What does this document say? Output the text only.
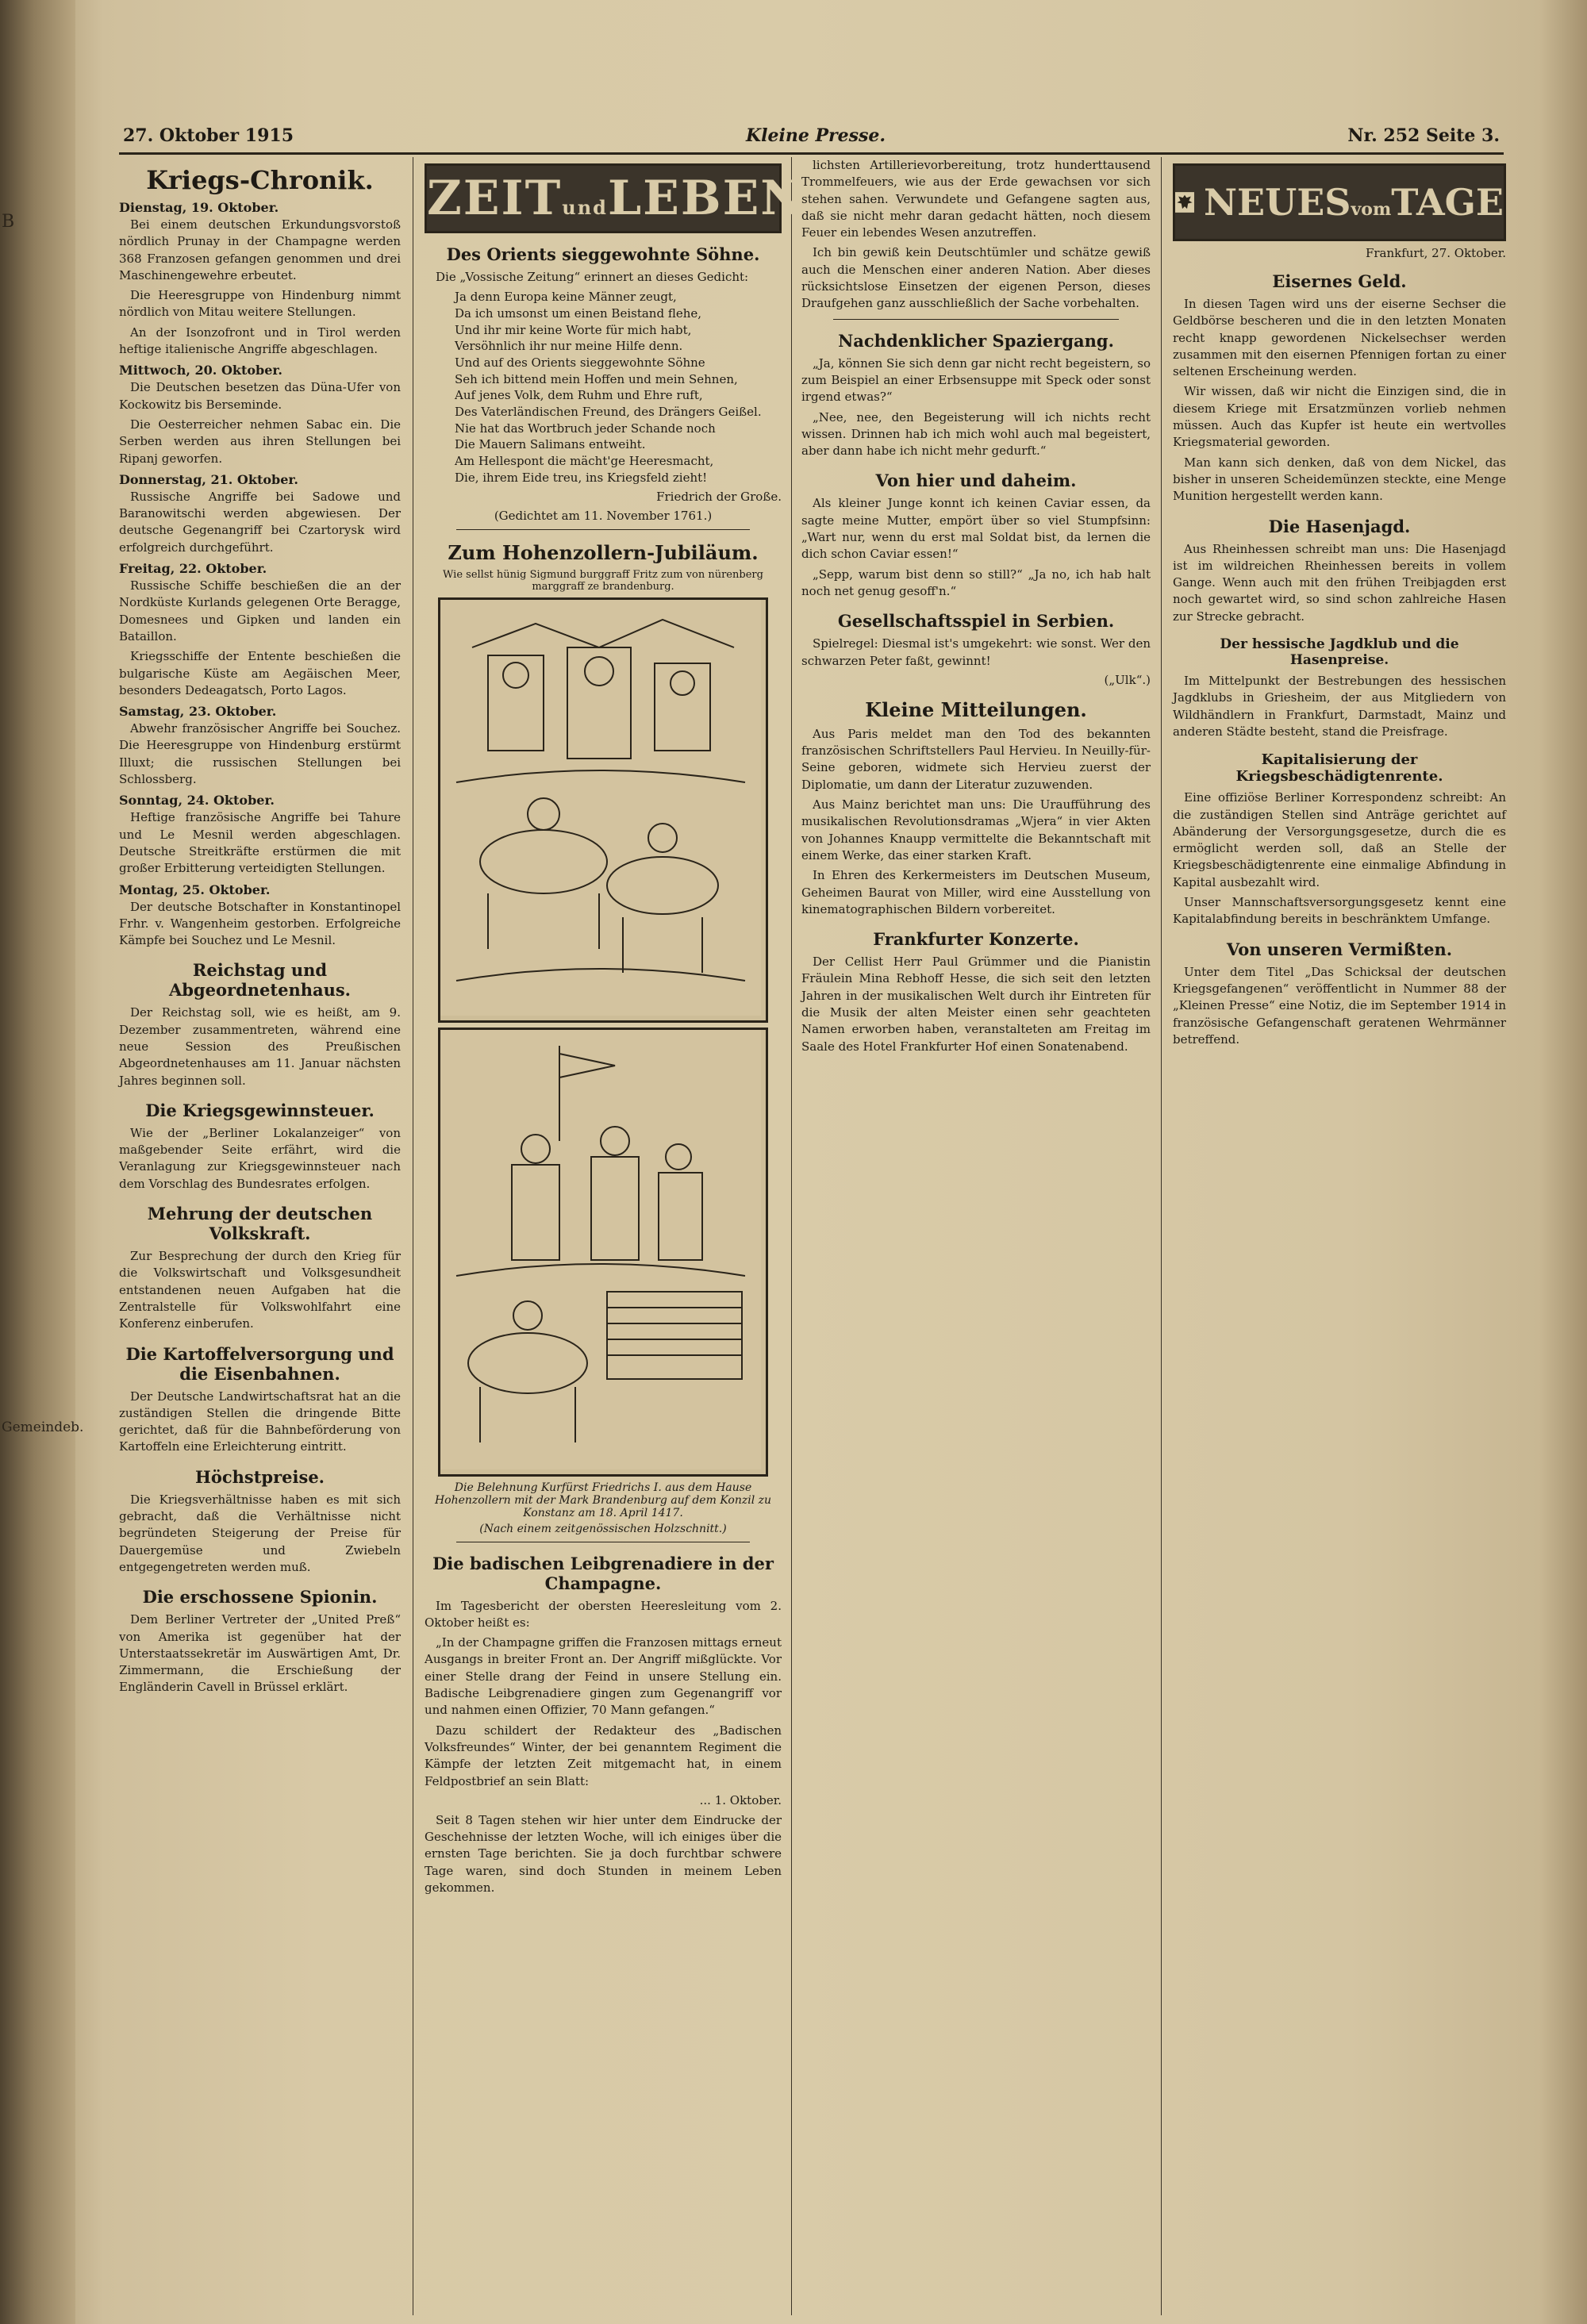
B
Gemeindeb.
27. Oktober 1915	Kleine Presse.	Nr. 252 Seite 3.
Kriegs-Chronik.
Dienstag, 19. Oktober.

Bei einem deutschen Erkundungsvorstoß nördlich Prunay in der Champagne werden 368 Franzosen gefangen genommen und drei Maschinengewehre erbeutet.

Die Heeresgruppe von Hindenburg nimmt nördlich von Mitau weitere Stellungen.

An der Isonzofront und in Tirol werden heftige italienische Angriffe abgeschlagen.

Mittwoch, 20. Oktober.

Die Deutschen besetzen das Düna-Ufer von Kockowitz bis Berseminde.

Die Oesterreicher nehmen Sabac ein. Die Serben werden aus ihren Stellungen bei Ripanj geworfen.

Donnerstag, 21. Oktober.

Russische Angriffe bei Sadowe und Baranowitschi werden abgewiesen. Der deutsche Gegenangriff bei Czartorysk wird erfolgreich durchgeführt.

Freitag, 22. Oktober.

Russische Schiffe beschießen die an der Nordküste Kurlands gelegenen Orte Beragge, Domesnees und Gipken und landen ein Bataillon.

Kriegsschiffe der Entente beschießen die bulgarische Küste am Aegäischen Meer, besonders Dedeagatsch, Porto Lagos.

Samstag, 23. Oktober.

Abwehr französischer Angriffe bei Souchez. Die Heeresgruppe von Hindenburg erstürmt Illuxt; die russischen Stellungen bei Schlossberg.

Sonntag, 24. Oktober.

Heftige französische Angriffe bei Tahure und Le Mesnil werden abgeschlagen. Deutsche Streitkräfte erstürmen die mit großer Erbitterung verteidigten Stellungen.

Montag, 25. Oktober.

Der deutsche Botschafter in Konstantinopel Frhr. v. Wangenheim gestorben. Erfolgreiche Kämpfe bei Souchez und Le Mesnil.

Reichstag und Abgeordnetenhaus.

Der Reichstag soll, wie es heißt, am 9. Dezember zusammentreten, während eine neue Session des Preußischen Abgeordnetenhauses am 11. Januar nächsten Jahres beginnen soll.

Die Kriegsgewinnsteuer.

Wie der „Berliner Lokalanzeiger“ von maßgebender Seite erfährt, wird die Veranlagung zur Kriegsgewinnsteuer nach dem Vorschlag des Bundesrates erfolgen.

Mehrung der deutschen Volkskraft.

Zur Besprechung der durch den Krieg für die Volkswirtschaft und Volksgesundheit entstandenen neuen Aufgaben hat die Zentralstelle für Volkswohlfahrt eine Konferenz einberufen.

Die Kartoffelversorgung und die Eisenbahnen.

Der Deutsche Landwirtschaftsrat hat an die zuständigen Stellen die dringende Bitte gerichtet, daß für die Bahnbeförderung von Kartoffeln eine Erleichterung eintritt.

Höchstpreise.

Die Kriegsverhältnisse haben es mit sich gebracht, daß die Verhältnisse nicht begründeten Steigerung der Preise für Dauergemüse und Zwiebeln entgegengetreten werden muß.

Die erschossene Spionin.

Dem Berliner Vertreter der „United Preß“ von Amerika ist gegenüber hat der Unterstaatssekretär im Auswärtigen Amt, Dr. Zimmermann, die Erschießung der Engländerin Cavell in Brüssel erklärt.

ZEITundLEBEN
Des Orients sieggewohnte Söhne.

Die „Vossische Zeitung“ erinnert an dieses Gedicht:

Ja denn Europa keine Männer zeugt,
Da ich umsonst um einen Beistand flehe,
Und ihr mir keine Worte für mich habt,
Versöhnlich ihr nur meine Hilfe denn.
Und auf des Orients sieggewohnte Söhne
Seh ich bittend mein Hoffen und mein Sehnen,
Auf jenes Volk, dem Ruhm und Ehre ruft,
Des Vaterländischen Freund, des Drängers Geißel.
Nie hat das Wortbruch jeder Schande noch
Die Mauern Salimans entweiht.
Am Hellespont die mächt'ge Heeresmacht,
Die, ihrem Eide treu, ins Kriegsfeld zieht!
Friedrich der Große.
(Gedichtet am 11. November 1761.)
Zum Hohenzollern-Jubiläum.
Wie sellst hünig Sigmund burggraff Fritz zum von nürenberg marggraff ze brandenburg.
Die Belehnung Kurfürst Friedrichs I. aus dem Hause Hohenzollern mit der Mark Brandenburg auf dem Konzil zu Konstanz am 18. April 1417.
(Nach einem zeitgenössischen Holzschnitt.)
Die badischen Leibgrenadiere in der Champagne.

Im Tagesbericht der obersten Heeresleitung vom 2. Oktober heißt es:

„In der Champagne griffen die Franzosen mittags erneut Ausgangs in breiter Front an. Der Angriff mißglückte. Vor einer Stelle drang der Feind in unsere Stellung ein. Badische Leibgrenadiere gingen zum Gegenangriff vor und nahmen einen Offizier, 70 Mann gefangen.“

Dazu schildert der Redakteur des „Badischen Volksfreundes“ Winter, der bei genanntem Regiment die Kämpfe der letzten Zeit mitgemacht hat, in einem Feldpostbrief an sein Blatt:

... 1. Oktober.

Seit 8 Tagen stehen wir hier unter dem Eindrucke der Geschehnisse der letzten Woche, will ich einiges über die ernsten Tage berichten. Sie ja doch furchtbar schwere Tage waren, sind doch Stunden in meinem Leben gekommen.

lichsten Artillerievorbereitung, trotz hunderttausend Trommelfeuers, wie aus der Erde gewachsen vor sich stehen sahen. Verwundete und Gefangene sagten aus, daß sie nicht mehr daran gedacht hätten, noch diesem Feuer ein lebendes Wesen anzutreffen.

Ich bin gewiß kein Deutschtümler und schätze gewiß auch die Menschen einer anderen Nation. Aber dieses rücksichtslose Einsetzen der eigenen Person, dieses Draufgehen ganz ausschließlich der Sache vorbehalten.

Nachdenklicher Spaziergang.

„Ja, können Sie sich denn gar nicht recht begeistern, so zum Beispiel an einer Erbsensuppe mit Speck oder sonst irgend etwas?“

„Nee, nee, den Begeisterung will ich nichts recht wissen. Drinnen hab ich mich wohl auch mal begeistert, aber dann habe ich nicht mehr gedurft.“

Von hier und daheim.

Als kleiner Junge konnt ich keinen Caviar essen, da sagte meine Mutter, empört über so viel Stumpfsinn: „Wart nur, wenn du erst mal Soldat bist, da lernen die dich schon Caviar essen!“

„Sepp, warum bist denn so still?“ „Ja no, ich hab halt noch net genug gesoff'n.“

Gesellschaftsspiel in Serbien.

Spielregel: Diesmal ist's umgekehrt: wie sonst. Wer den schwarzen Peter faßt, gewinnt!

(„Ulk“.)
Kleine Mitteilungen.

Aus Paris meldet man den Tod des bekannten französischen Schriftstellers Paul Hervieu. In Neuilly-für-Seine geboren, widmete sich Hervieu zuerst der Diplomatie, um dann der Literatur zuzuwenden.

Aus Mainz berichtet man uns: Die Uraufführung des musikalischen Revolutionsdramas „Wjera“ in vier Akten von Johannes Knaupp vermittelte die Bekanntschaft mit einem Werke, das einer starken Kraft.

In Ehren des Kerkermeisters im Deutschen Museum, Geheimen Baurat von Miller, wird eine Ausstellung von kinematographischen Bildern vorbereitet.

Frankfurter Konzerte.

Der Cellist Herr Paul Grümmer und die Pianistin Fräulein Mina Rebhoff Hesse, die sich seit den letzten Jahren in der musikalischen Welt durch ihr Eintreten für die Musik der alten Meister einen sehr geachteten Namen erworben haben, veranstalteten am Freitag im Saale des Hotel Frankfurter Hof einen Sonatenabend.

NEUESvomTAGE
Frankfurt, 27. Oktober.
Eisernes Geld.

In diesen Tagen wird uns der eiserne Sechser die Geldbörse bescheren und die in den letzten Monaten recht knapp gewordenen Nickelsechser werden zusammen mit den eisernen Pfennigen fortan zu einer seltenen Erscheinung werden.

Wir wissen, daß wir nicht die Einzigen sind, die in diesem Kriege mit Ersatzmünzen vorlieb nehmen müssen. Auch das Kupfer ist heute ein wertvolles Kriegsmaterial geworden.

Man kann sich denken, daß von dem Nickel, das bisher in unseren Scheidemünzen steckte, eine Menge Munition hergestellt werden kann.

Die Hasenjagd.

Aus Rheinhessen schreibt man uns: Die Hasenjagd ist im wildreichen Rheinhessen bereits in vollem Gange. Wenn auch mit den frühen Treibjagden erst noch gewartet wird, so sind schon zahlreiche Hasen zur Strecke gebracht.

Der hessische Jagdklub und die Hasenpreise.

Im Mittelpunkt der Bestrebungen des hessischen Jagdklubs in Griesheim, der aus Mitgliedern von Wildhändlern in Frankfurt, Darmstadt, Mainz und anderen Städte besteht, stand die Preisfrage.

Kapitalisierung der Kriegsbeschädigtenrente.

Eine offiziöse Berliner Korrespondenz schreibt: An die zuständigen Stellen sind Anträge gerichtet auf Abänderung der Versorgungsgesetze, durch die es ermöglicht werden soll, daß an Stelle der Kriegsbeschädigtenrente eine einmalige Abfindung in Kapital ausbezahlt wird.

Unser Mannschaftsversorgungsgesetz kennt eine Kapitalabfindung bereits in beschränktem Umfange.

Von unseren Vermißten.

Unter dem Titel „Das Schicksal der deutschen Kriegsgefangenen“ veröffentlicht in Nummer 88 der „Kleinen Presse“ eine Notiz, die im September 1914 in französische Gefangenschaft geratenen Wehrmänner betreffend.
